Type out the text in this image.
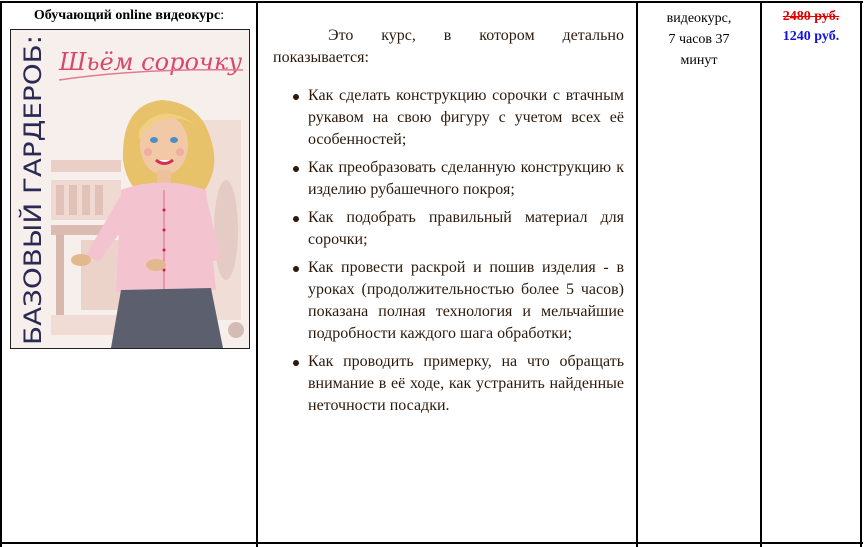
Обучающий online видеокурс:
Шьём сорочку
БАЗОВЫЙ ГАРДЕРОБ:

Это курс, в котором детально показывается:

Как сделать конструкцию сорочки с втачным рукавом на свою фигуру с учетом всех её особенностей;
Как преобразовать сделанную конструкцию к изделию рубашечного покроя;
Как подобрать правильный материал для сорочки;
Как провести раскрой и пошив изделия - в уроках (продолжительностью более 5 часов) показана полная технология и мельчайшие подробности каждого шага обработки;
Как проводить примерку, на что обращать внимание в её ходе, как устранить найденные неточности посадки.
видеокурс,
7 часов 37
минут
2480 руб.
1240 руб.
